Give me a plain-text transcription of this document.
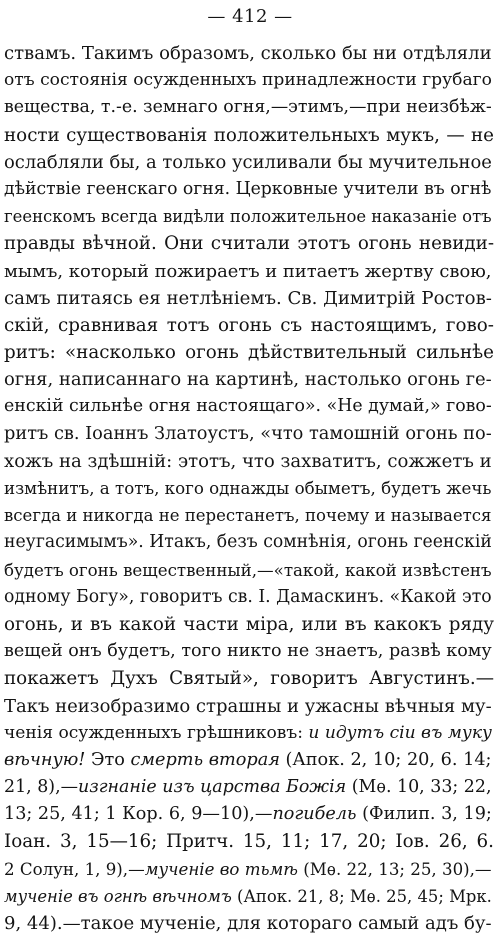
— 412 —
ствамъ. Такимъ образомъ, сколько бы ни отдѣляли
отъ состоянія осужденныхъ принадлежности грубаго
вещества, т.-е. земнаго огня,—этимъ,—при неизбѣж-
ности существованія положительныхъ мукъ, — не
ослабляли бы, а только усиливали бы мучительное
дѣйствіе геенскаго огня. Церковные учители въ огнѣ
геенскомъ всегда видѣли положительное наказаніе отъ
правды вѣчной. Они считали этотъ огонь невиди-
мымъ, который пожираетъ и питаетъ жертву свою,
самъ питаясь ея нетлѣніемъ. Св. Димитрій Ростов-
скій, сравнивая тотъ огонь съ настоящимъ, гово-
ритъ: «насколько огонь дѣйствительный сильнѣе
огня, написаннаго на картинѣ, настолько огонь ге-
енскій сильнѣе огня настоящаго». «Не думай,» гово-
ритъ св. Іоаннъ Златоустъ, «что тамошній огонь по-
хожъ на здѣшній: этотъ, что захватитъ, сожжетъ и
измѣнитъ, а тотъ, кого однажды обыметъ, будетъ жечь
всегда и никогда не перестанетъ, почему и называется
неугасимымъ». Итакъ, безъ сомнѣнія, огонь геенскій
будетъ огонь вещественный,—«такой, какой извѣстенъ
одному Богу», говоритъ св. І. Дамаскинъ. «Какой это
огонь, и въ какой части міра, или въ какокъ ряду
вещей онъ будетъ, того никто не знаетъ, развѣ кому
покажетъ Духъ Святый», говоритъ Августинъ.—
Такъ неизобразимо страшны и ужасны вѣчныя му-
ченія осужденныхъ грѣшниковъ: и идутъ сіи въ муку
вѣчную! Это смерть вторая (Апок. 2, 10; 20, 6. 14;
21, 8),—изгнаніе изъ царства Божія (Мѳ. 10, 33; 22,
13; 25, 41; 1 Кор. 6, 9—10),—погибель (Филип. 3, 19;
Іоан. 3, 15—16; Притч. 15, 11; 17, 20; Іов. 26, 6.
2 Солун, 1, 9),—мученіе во тьмѣ (Мѳ. 22, 13; 25, 30),—
мученіе въ огнѣ вѣчномъ (Апок. 21, 8; Мѳ. 25, 45; Мрк.
9, 44).—такое мученіе, для котораго самый адъ бу-
